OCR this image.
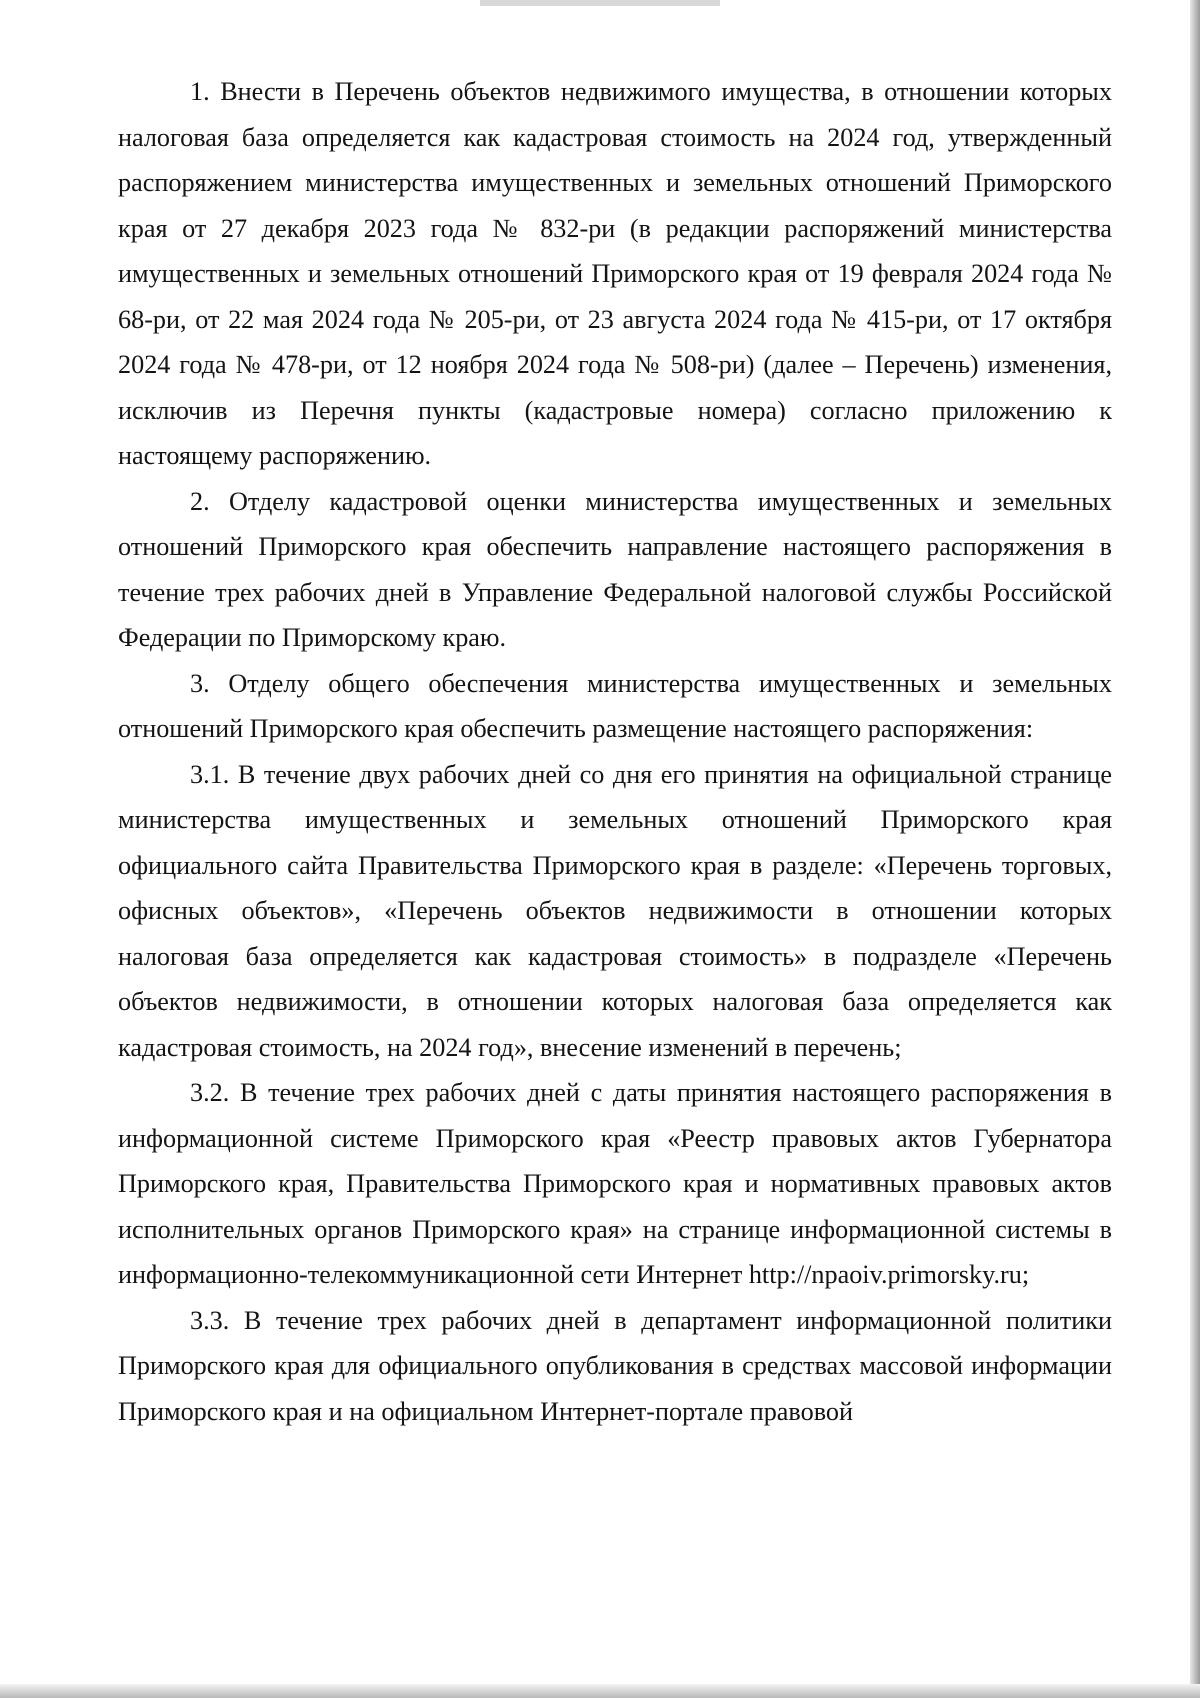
1. Внести в Перечень объектов недвижимого имущества, в отношении которых налоговая база определяется как кадастровая стоимость на 2024 год, утвержденный распоряжением министерства имущественных и земельных отношений Приморского края от 27 декабря 2023 года № 832-ри (в редакции распоряжений министерства имущественных и земельных отношений Приморского края от 19 февраля 2024 года № 68-ри, от 22 мая 2024 года № 205-ри, от 23 августа 2024 года № 415-ри, от 17 октября 2024 года № 478-ри, от 12 ноября 2024 года № 508-ри) (далее – Перечень) изменения, исключив из Перечня пункты (кадастровые номера) согласно приложению к настоящему распоряжению.

2. Отделу кадастровой оценки министерства имущественных и земельных отношений Приморского края обеспечить направление настоящего распоряжения в течение трех рабочих дней в Управление Федеральной налоговой службы Российской Федерации по Приморскому краю.

3. Отделу общего обеспечения министерства имущественных и земельных отношений Приморского края обеспечить размещение настоящего распоряжения:

3.1. В течение двух рабочих дней со дня его принятия на официальной странице министерства имущественных и земельных отношений Приморского края официального сайта Правительства Приморского края в разделе: «Перечень торговых, офисных объектов», «Перечень объектов недвижимости в отношении которых налоговая база определяется как кадастровая стоимость» в подразделе «Перечень объектов недвижимости, в отношении которых налоговая база определяется как кадастровая стоимость, на 2024 год», внесение изменений в перечень;

3.2. В течение трех рабочих дней с даты принятия настоящего распоряжения в информационной системе Приморского края «Реестр правовых актов Губернатора Приморского края, Правительства Приморского края и нормативных правовых актов исполнительных органов Приморского края» на странице информационной системы в информационно-телекоммуникационной сети Интернет http://npaoiv.primorsky.ru;

3.3. В течение трех рабочих дней в департамент информационной политики Приморского края для официального опубликования в средствах массовой информации Приморского края и на официальном Интернет-портале правовой
